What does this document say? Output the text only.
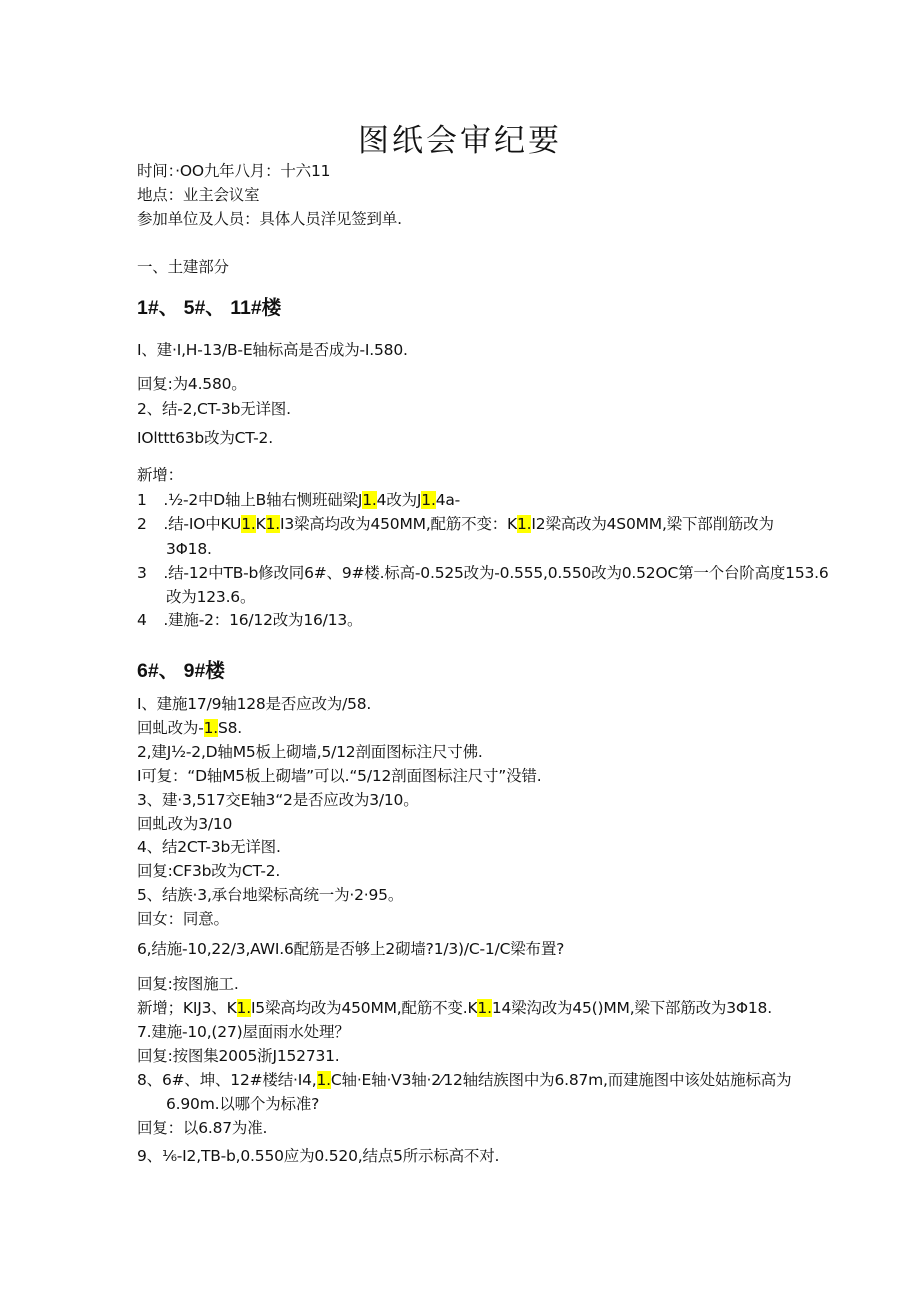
图纸会审纪要
时间：·OO九年八月：十六11
地点：业主会议室
参加单位及人员：具体人员洋见签到单.
一、土建部分
1#、 5#、 11#楼
I、建·I,H-13/B-E轴标高是否成为-I.580.
回复:为4.580。
2、结-2,CT-3b无详图.
IOlttt63b改为CT-2.
新增：
1 .½-2中D轴上B轴右恻班础梁J1.4改为J1.4a-
2 .结-IO中KU1.K1.I3梁高均改为450MM,配筋不变：K1.I2梁高改为4S0MM,梁下部削筋改为
3Φ18.
3 .结-12中TB-b修改同6#、9#楼.标高-0.525改为-0.555,0.550改为0.52OC第一个台阶高度153.6
改为123.6。
4 .建施-2：16/12改为16/13。
6#、 9#楼
I、建施17/9轴128是否应改为/58.
回虬改为-1.S8.
2,建J½-2,D轴M5板上砌墙,5/12剖面图标注尺寸佛.
I可复：“D轴M5板上砌墙”可以.“5/12剖面图标注尺寸”没错.
3、建·3,517交E轴3“2是否应改为3/10。
回虬改为3/10
4、结2CT-3b无详图.
回复:CF3b改为CT-2.
5、结族·3,承台地梁标高统一为·2·95。
回女：同意。
6,结施-10,22/3,AWI.6配筋是否够上2砌墙?1/3)/C-1/C梁布置?
回复:按图施工.
新增；KIJ3、K1.I5梁高均改为450MM,配筋不变.K1.14梁沟改为45()MM,梁下部筋改为3Φ18.
7.建施-10,(27)屋面雨水处理？
回复:按图集2005浙J152731.
8、6#、坤、12#楼结·I4,1.C轴·E轴·V3轴·2⁄12轴结族图中为6.87m,而建施图中该处姑施标高为
6.90m.以哪个为标准?
回复：以6.87为准.
9、⅙-I2,TB-b,0.550应为0.520,结点5所示标高不对.
